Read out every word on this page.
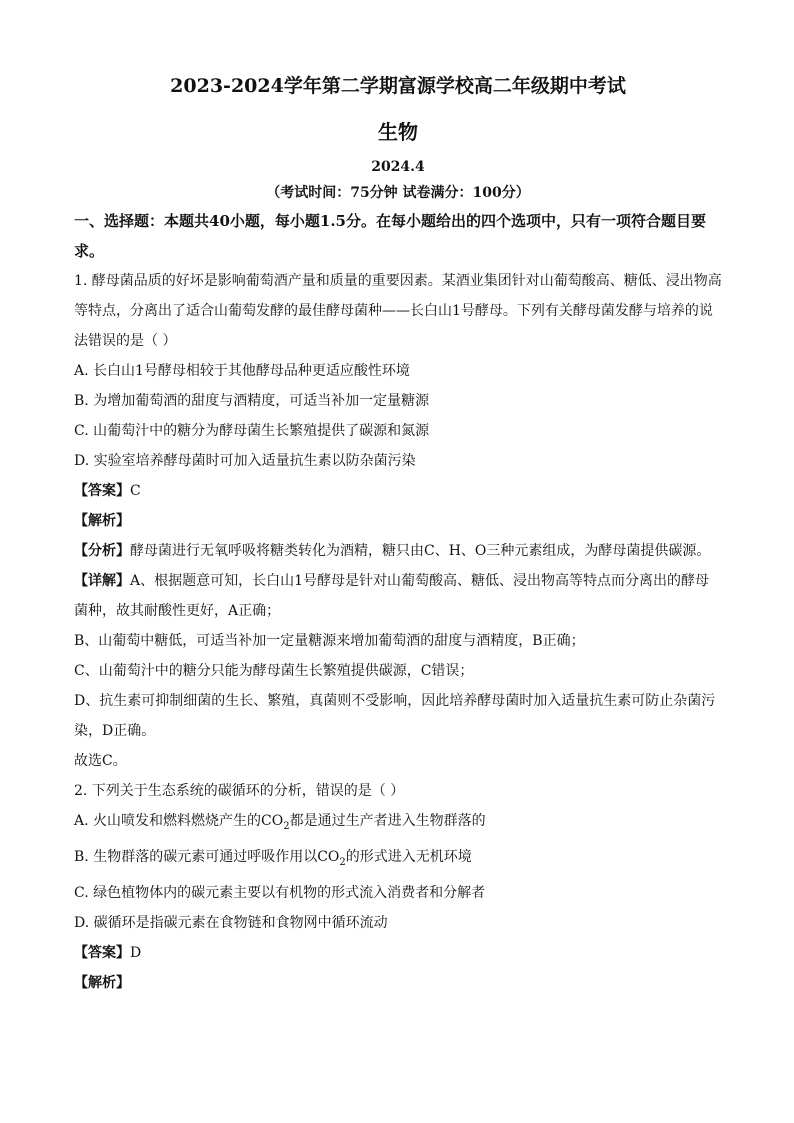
2023-2024学年第二学期富源学校高二年级期中考试
生物
2024.4
（考试时间：75分钟 试卷满分：100分）
一、选择题：本题共40小题，每小题1.5分。在每小题给出的四个选项中，只有一项符合题目要求。

1. 酵母菌品质的好坏是影响葡萄酒产量和质量的重要因素。某酒业集团针对山葡萄酸高、糖低、浸出物高等特点，分离出了适合山葡萄发酵的最佳酵母菌种——长白山1号酵母。下列有关酵母菌发酵与培养的说法错误的是（ ）

A. 长白山1号酵母相较于其他酵母品种更适应酸性环境

B. 为增加葡萄酒的甜度与酒精度，可适当补加一定量糖源

C. 山葡萄汁中的糖分为酵母菌生长繁殖提供了碳源和氮源

D. 实验室培养酵母菌时可加入适量抗生素以防杂菌污染

【答案】C

【解析】

【分析】酵母菌进行无氧呼吸将糖类转化为酒精，糖只由C、H、O三种元素组成，为酵母菌提供碳源。

【详解】A、根据题意可知，长白山1号酵母是针对山葡萄酸高、糖低、浸出物高等特点而分离出的酵母菌种，故其耐酸性更好，A正确；

B、山葡萄中糖低，可适当补加一定量糖源来增加葡萄酒的甜度与酒精度，B正确；

C、山葡萄汁中的糖分只能为酵母菌生长繁殖提供碳源，C错误；

D、抗生素可抑制细菌的生长、繁殖，真菌则不受影响，因此培养酵母菌时加入适量抗生素可防止杂菌污染，D正确。

故选C。

2. 下列关于生态系统的碳循环的分析，错误的是（ ）

A. 火山喷发和燃料燃烧产生的$CO_2$都是通过生产者进入生物群落的

B. 生物群落的碳元素可通过呼吸作用以$CO_2$的形式进入无机环境

C. 绿色植物体内的碳元素主要以有机物的形式流入消费者和分解者

D. 碳循环是指碳元素在食物链和食物网中循环流动

【答案】D

【解析】
